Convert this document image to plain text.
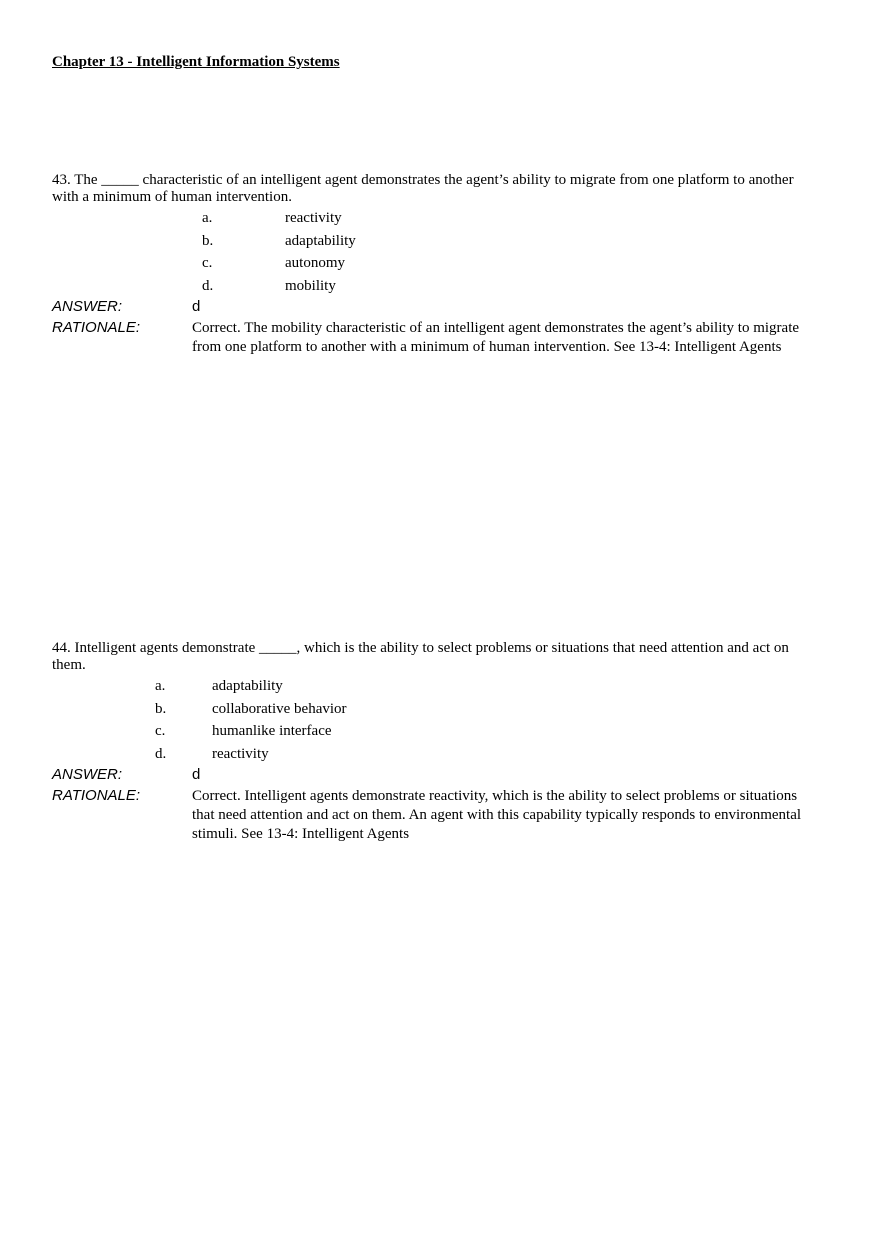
Chapter 13 - Intelligent Information Systems
43. The _____ characteristic of an intelligent agent demonstrates the agent’s ability to migrate from one platform to another with a minimum of human intervention.
a.	reactivity
b.	adaptability
c.	autonomy
d.	mobility
ANSWER:	d
RATIONALE:	Correct. The mobility characteristic of an intelligent agent demonstrates the agent’s ability to migrate from one platform to another with a minimum of human intervention. See 13-4: Intelligent Agents
44. Intelligent agents demonstrate _____, which is the ability to select problems or situations that need attention and act on them.
a.	adaptability
b.	collaborative behavior
c.	humanlike interface
d.	reactivity
ANSWER:	d
RATIONALE:	Correct. Intelligent agents demonstrate reactivity, which is the ability to select problems or situations that need attention and act on them. An agent with this capability typically responds to environmental stimuli. See 13-4: Intelligent Agents
